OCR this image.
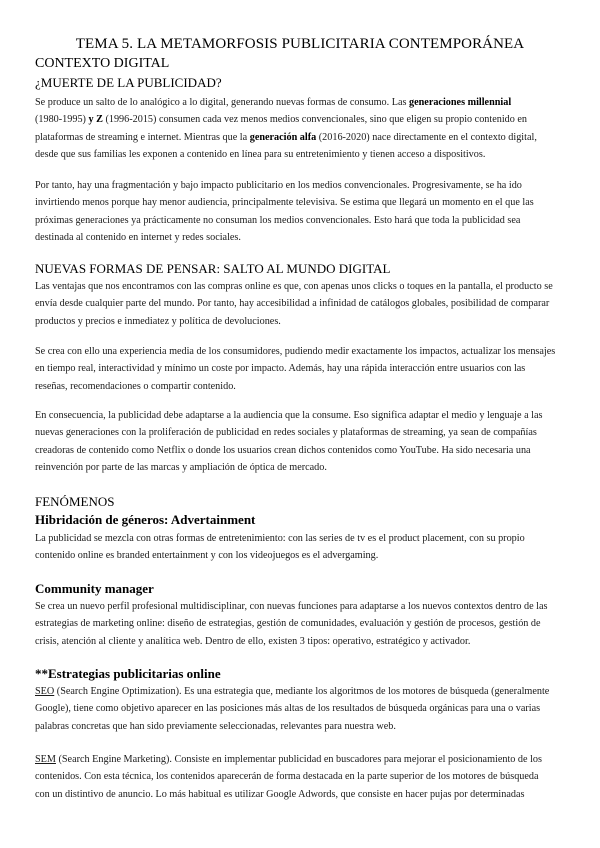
TEMA 5. LA METAMORFOSIS PUBLICITARIA CONTEMPORÁNEA
CONTEXTO DIGITAL
¿MUERTE DE LA PUBLICIDAD?
Se produce un salto de lo analógico a lo digital, generando nuevas formas de consumo. Las generaciones millennial
(1980-1995) y Z (1996-2015) consumen cada vez menos medios convencionales, sino que eligen su propio contenido en
plataformas de streaming e internet. Mientras que la generación alfa (2016-2020) nace directamente en el contexto digital,
desde que sus familias les exponen a contenido en línea para su entretenimiento y tienen acceso a dispositivos.
Por tanto, hay una fragmentación y bajo impacto publicitario en los medios convencionales. Progresivamente, se ha ido
invirtiendo menos porque hay menor audiencia, principalmente televisiva. Se estima que llegará un momento en el que las
próximas generaciones ya prácticamente no consuman los medios convencionales. Esto hará que toda la publicidad sea
destinada al contenido en internet y redes sociales.
NUEVAS FORMAS DE PENSAR: SALTO AL MUNDO DIGITAL
Las ventajas que nos encontramos con las compras online es que, con apenas unos clicks o toques en la pantalla, el producto se
envía desde cualquier parte del mundo. Por tanto, hay accesibilidad a infinidad de catálogos globales, posibilidad de comparar
productos y precios e inmediatez y política de devoluciones.
Se crea con ello una experiencia media de los consumidores, pudiendo medir exactamente los impactos, actualizar los mensajes
en tiempo real, interactividad y mínimo un coste por impacto. Además, hay una rápida interacción entre usuarios con las
reseñas, recomendaciones o compartir contenido.
En consecuencia, la publicidad debe adaptarse a la audiencia que la consume. Eso significa adaptar el medio y lenguaje a las
nuevas generaciones con la proliferación de publicidad en redes sociales y plataformas de streaming, ya sean de compañías
creadoras de contenido como Netflix o donde los usuarios crean dichos contenidos como YouTube. Ha sido necesaria una
reinvención por parte de las marcas y ampliación de óptica de mercado.
FENÓMENOS
Hibridación de géneros: Advertainment
La publicidad se mezcla con otras formas de entretenimiento: con las series de tv es el product placement, con su propio
contenido online es branded entertainment y con los videojuegos es el advergaming.
Community manager
Se crea un nuevo perfil profesional multidisciplinar, con nuevas funciones para adaptarse a los nuevos contextos dentro de las
estrategias de marketing online: diseño de estrategias, gestión de comunidades, evaluación y gestión de procesos, gestión de
crisis, atención al cliente y analítica web. Dentro de ello, existen 3 tipos: operativo, estratégico y activador.
**Estrategias publicitarias online
SEO (Search Engine Optimization). Es una estrategia que, mediante los algoritmos de los motores de búsqueda (generalmente
Google), tiene como objetivo aparecer en las posiciones más altas de los resultados de búsqueda orgánicas para una o varias
palabras concretas que han sido previamente seleccionadas, relevantes para nuestra web.
SEM (Search Engine Marketing). Consiste en implementar publicidad en buscadores para mejorar el posicionamiento de los
contenidos. Con esta técnica, los contenidos aparecerán de forma destacada en la parte superior de los motores de búsqueda
con un distintivo de anuncio. Lo más habitual es utilizar Google Adwords, que consiste en hacer pujas por determinadas
